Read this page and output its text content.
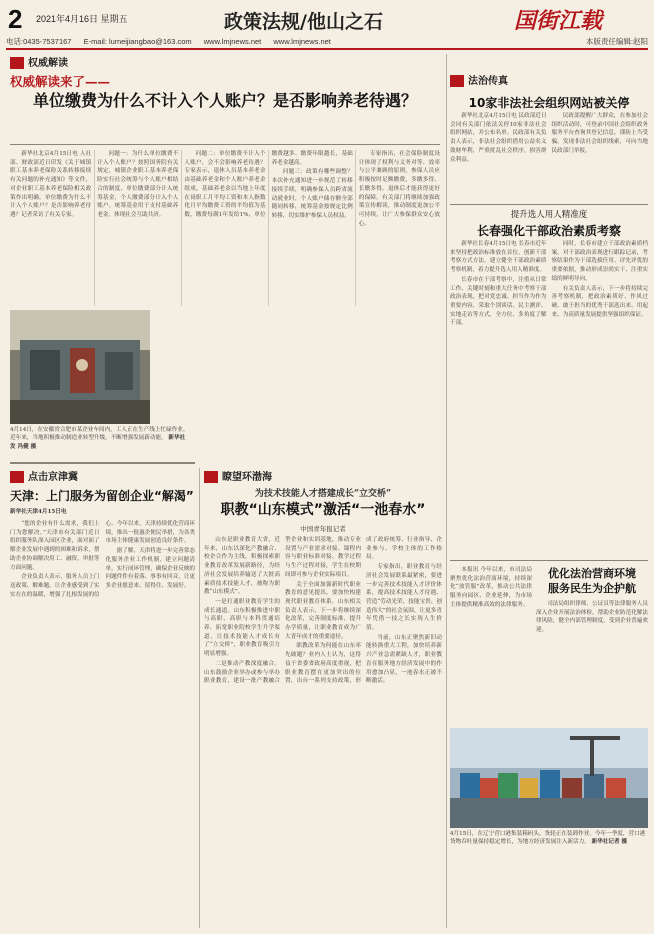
2 2021年4月16日 星期五	政策法规/他山之石	国街江载
电话:0435-7537167 E-mail: lumeijiangbao@163.com www.lmjnews.net www.lmjnews.net	本版责任编辑:赵阳
权威解读
权威解读来了——
单位缴费为什么不计入个人账户？是否影响养老待遇？

新华社北京4月15日电 人社部、财政部近日印发《关于城镇职工基本养老保险关系转移接续有关问题的补充通知》等文件，对企业职工基本养老保险相关政策作出明确。单位缴费为什么不计入个人账户？是否影响养老待遇？记者采访了有关专家。

问题一：为什么单位缴费不计入个人账户？按照国务院有关规定，城镇企业职工基本养老保险实行社会统筹与个人账户相结合的制度，单位缴费部分计入统筹基金，个人缴费部分计入个人账户。统筹基金用于支付基础养老金，体现社会互助共济。

问题二：单位缴费不计入个人账户，会不会影响养老待遇？专家表示，退休人员基本养老金由基础养老金和个人账户养老金组成，基础养老金以当地上年度在岗职工月平均工资和本人指数化月平均缴费工资的平均值为基数，缴费每满1年发给1%，单位缴费越多、缴费年限越长，基础养老金越高。

问题三：政策有哪些调整？本次补充通知进一步规范了转移接续手续，明确参保人员跨省流动就业时，个人账户储存额全部随同转移，统筹基金按规定比例转移，切实维护参保人员权益。

专家指出，社会保险制度设计体现了权利与义务对等、效率与公平兼顾的原则，参保人员应积极按时足额缴费，多缴多得、长缴多得，退休后才能获得更好的保障。有关部门将继续加强政策宣传解读，推动制度更加公平可持续，让广大参保群众安心放心。

4月14日，在安徽省合肥市某企业车间内，工人正在生产线上忙碌作业。近年来，当地积极推动制造业转型升级，不断增强发展新动能。 新华社发 冯健 摄
点击京津冀
天津：上门服务为留创企业“解渴”
新华社天津4月15日电

“您的企业有什么需求，我们上门为您解决。”天津市有关部门近日组织服务队深入园区企业，面对面了解企业发展中遇到的困难和诉求，帮助企业协调解决用工、融资、审批等方面问题。

企业负责人表示，服务人员上门送政策、解难题，让企业感受到了实实在在的温暖，增强了扎根发展的信心。今年以来，天津持续优化营商环境，推出一批惠企便民举措，为各类市场主体健康发展创造良好条件。

据了解，天津将进一步完善常态化服务企业工作机制，建立问题清单，实行闭环管理，确保企业反映的问题件件有着落、事事有回音，让更多企业愿意来、留得住、发展好。

瞭望环渤海
为技术技能人才搭建成长“立交桥”
职教“山东模式”激活“一池春水”
中国青年报记者

山东是职业教育大省，近年来，山东以深化产教融合、校企合作为主线，积极探索职业教育改革发展新路径，为经济社会发展培养输送了大批高素质技术技能人才，被称为职教“山东模式”。

一是打通职业教育学生的成长通道。山东积极推进中职与高职、高职与本科贯通培养，拓宽职业院校学生升学渠道，让技术技能人才成长有了“立交桥”，职业教育吸引力明显增强。

二是推动产教深度融合。山东鼓励企业举办或参与举办职业教育，建设一批产教融合型企业和实训基地，推动专业设置与产业需求对接、课程内容与职业标准对接、教学过程与生产过程对接，学生在校期间即可参与企业实际项目。

关于全面加强新时代职业教育的意见提出，要加快构建现代职业教育体系。山东相关负责人表示，下一步将继续深化改革，完善制度标准，提升办学质量，让职业教育成为广大青年成才的重要途径。

职教改革为何能在山东率先破题？业内人士认为，这得益于省委省政府高度重视，把职业教育摆在更加突出的位置，出台一系列支持政策，形成了政府统筹、行业指导、企业参与、学校主体的工作格局。

专家指出，职业教育与经济社会发展联系最紧密，要进一步完善技术技能人才评价体系，提高技术技能人才待遇，营造“劳动光荣、技能宝贵、创造伟大”的社会氛围，让更多青年凭借一技之长实现人生价值。

当前，山东正聚焦新旧动能转换重大工程，加快培养新兴产业急需紧缺人才，职业教育在服务地方经济发展中的作用愈加凸显，一池春水正被不断激活。

法治传真
10家非法社会组织网站被关停

新华社北京4月15日电 民政部近日会同有关部门依法关停10家非法社会组织网站，并公布名单。民政部有关负责人表示，非法社会组织借用公益名义敛财牟利，严重扰乱社会秩序，损害群众利益。

民政部提醒广大群众，在参加社会组织活动时，可登录中国社会组织政务服务平台查询其登记信息，谨防上当受骗。发现非法社会组织线索，可向当地民政部门举报。

提升选人用人精准度
长春强化干部政治素质考察

新华社长春4月15日电 长春市近年来坚持把政治标准放在首位，创新干部考察方式方法，建立健全干部政治素质考察机制，着力提升选人用人精准度。

长春市在干部考察中，注重从日常工作、关键时刻和重大任务中考察干部政治表现，把对党忠诚、担当作为作为重要内容，采取个别谈话、民主测评、实地走访等方式，全方位、多角度了解干部。

同时，长春市建立干部政治素质档案，对干部政治表现进行跟踪记录，考察结果作为干部选拔任用、评先评优的重要依据，推动形成崇尚实干、注重实绩的鲜明导向。

有关负责人表示，下一步将持续完善考察机制，把政治素质好、作风过硬、敢于担当的优秀干部选出来、用起来，为高质量发展提供坚强组织保证。

优化法治营商环境
服务民生为企护航

本报讯 今年以来，市司法局聚焦优化法治营商环境，持续深化“放管服”改革，推动公共法律服务向园区、企业延伸，为市场主体提供精准高效的法律服务。	司法局组织律师、公证员等法律服务人员深入企业开展法治体检，帮助企业防范化解法律风险，健全内部管理制度，受到企业普遍欢迎。

4月15日，在辽宁营口港集装箱码头，货轮正在装卸作业。今年一季度，营口港货物吞吐量保持稳定增长，为地方经济发展注入新活力。 新华社记者 摄
